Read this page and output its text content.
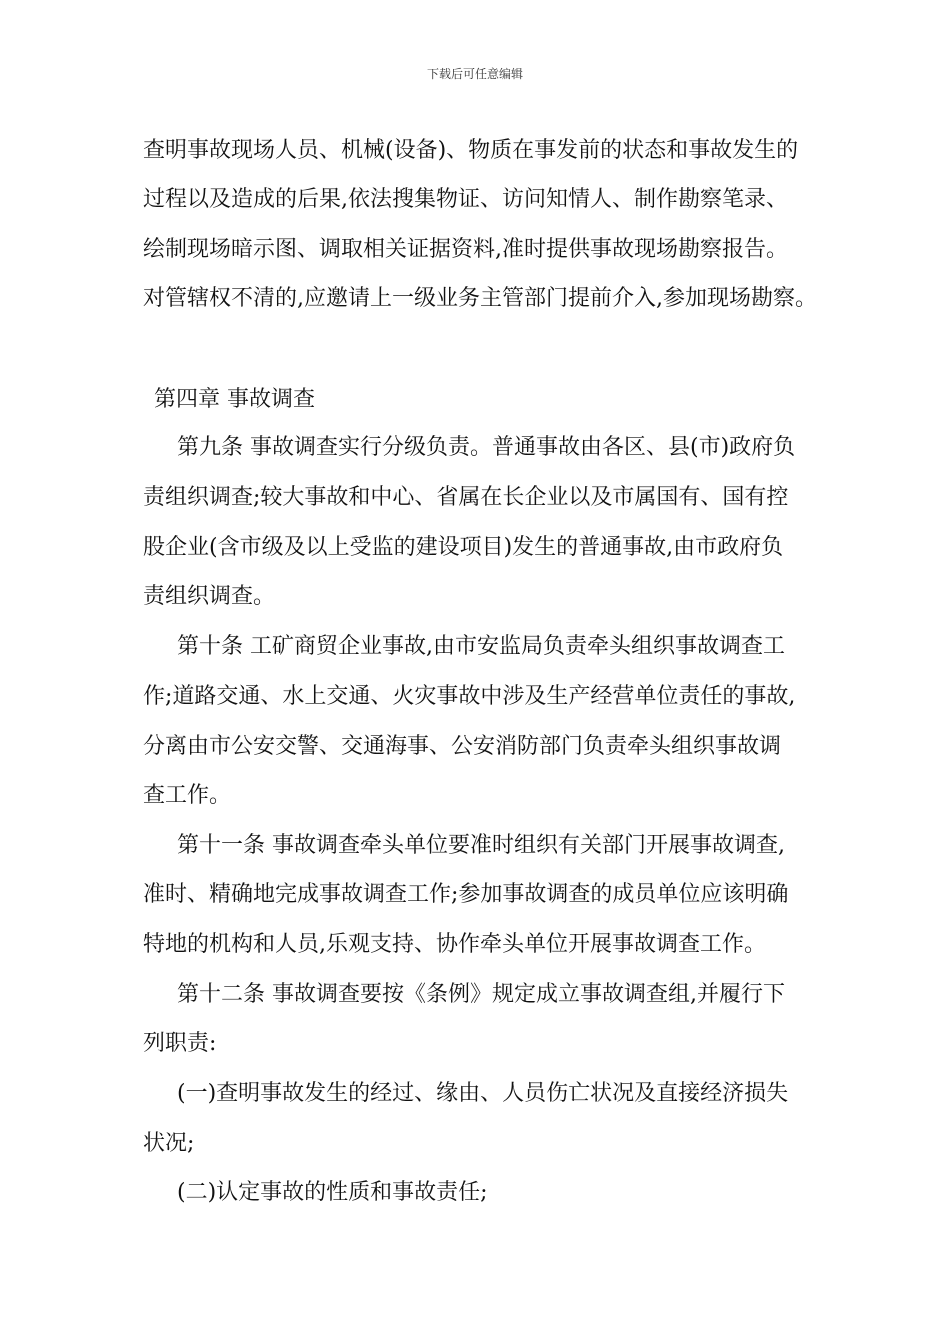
下载后可任意编辑
查明事故现场人员、机械(设备)、物质在事发前的状态和事故发生的
过程以及造成的后果,依法搜集物证、访问知情人、制作勘察笔录、
绘制现场暗示图、调取相关证据资料,准时提供事故现场勘察报告。
对管辖权不清的,应邀请上一级业务主管部门提前介入,参加现场勘察。
第四章 事故调查
第九条 事故调查实行分级负责。普通事故由各区、县(市)政府负
责组织调查;较大事故和中心、省属在长企业以及市属国有、国有控
股企业(含市级及以上受监的建设项目)发生的普通事故,由市政府负
责组织调查。
第十条 工矿商贸企业事故,由市安监局负责牵头组织事故调查工
作;道路交通、水上交通、火灾事故中涉及生产经营单位责任的事故,
分离由市公安交警、交通海事、公安消防部门负责牵头组织事故调
查工作。
第十一条 事故调查牵头单位要准时组织有关部门开展事故调查,
准时、精确地完成事故调查工作;参加事故调查的成员单位应该明确
特地的机构和人员,乐观支持、协作牵头单位开展事故调查工作。
第十二条 事故调查要按《条例》规定成立事故调查组,并履行下
列职责:
(一)查明事故发生的经过、缘由、人员伤亡状况及直接经济损失
状况;
(二)认定事故的性质和事故责任;
